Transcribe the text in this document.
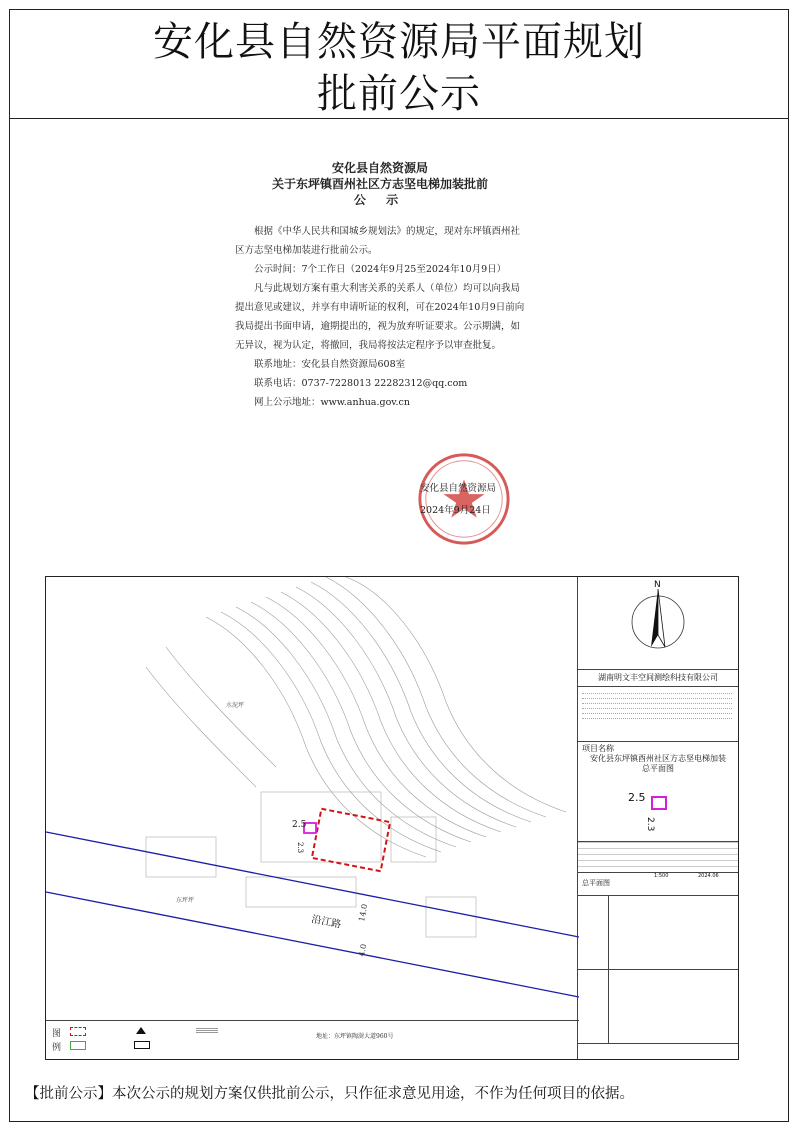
安化县自然资源局平面规划
批前公示
安化县自然资源局
关于东坪镇酉州社区方志坚电梯加装批前
公 示

根据《中华人民共和国城乡规划法》的规定，现对东坪镇酉州社区方志坚电梯加装进行批前公示。

公示时间：7个工作日（2024年9月25至2024年10月9日）

凡与此规划方案有重大利害关系的关系人（单位）均可以向我局提出意见或建议，并享有申请听证的权利，可在2024年10月9日前向我局提出书面申请，逾期提出的，视为放弃听证要求。公示期满，如无异议，视为认定，将撤回，我局将按法定程序予以审查批复。

联系地址：安化县自然资源局608室

联系电话：0737-7228013 22282312@qq.com

网上公示地址：www.anhua.gov.cn

安化县自然资源局
2024年9月24日
2.5
2.3
沿江路
水泥坪
东坪坪
4.0
14.0
图例
地址：东坪镇陶澍大道960号
N
湖南明文丰空间测绘科技有限公司
项目名称
安化县东坪镇酉州社区方志坚电梯加装
总平面图
2.5
2.3
总平面图
1:500	2024.06
【批前公示】本次公示的规划方案仅供批前公示，只作征求意见用途，不作为任何项目的依据。
